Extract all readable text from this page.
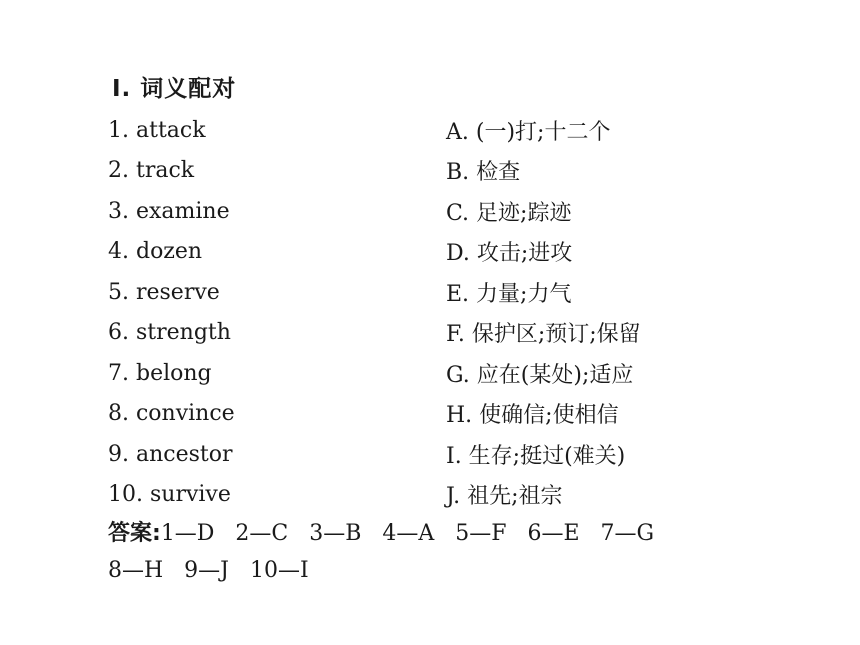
Ⅰ. 词义配对
1. attack	A. (一)打;十二个
2. track	B. 检查
3. examine	C. 足迹;踪迹
4. dozen	D. 攻击;进攻
5. reserve	E. 力量;力气
6. strength	F. 保护区;预订;保留
7. belong	G. 应在(某处);适应
8. convince	H. 使确信;使相信
9. ancestor	I. 生存;挺过(难关)
10. survive	J. 祖先;祖宗
答案:1—D   2—C   3—B   4—A   5—F   6—E   7—G
8—H   9—J   10—I
